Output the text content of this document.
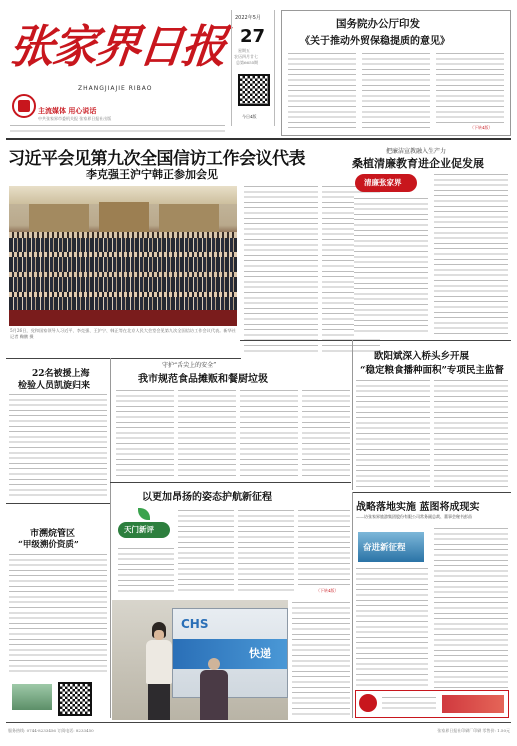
张家界日报
ZHANGJIAJIE RIBAO
主流媒体 用心说话
中共张家界市委机关报 张家界日报社出版
2022年5月
27
星期五
农历四月廿七
总第6655期
今日4版
国务院办公厅印发
《关于推动外贸保稳提质的意见》
（下转4版）
习近平会见第九次全国信访工作会议代表
李克强王沪宁韩正参加会见
5月26日，党和国家领导人习近平、李克强、王沪宁、韩正等在北京人民大会堂会见第九次全国信访工作会议代表。新华社记者 鞠鹏 摄
把廉洁宣教融入生产力
桑植清廉教育进企业促发展
清廉张家界
22名被援上海
检验人员凯旋归来
市溯烷管区
“甲级溯价资质”
守护“舌尖上的安全”
我市规范食品摊贩和餐厨垃圾
欧阳斌深入桥头乡开展
“稳定粮食播种面积”专项民主监督
以更加昂扬的姿态护航新征程
天门新评
（下转4版）
CHS
快递
战略落地实施 蓝图将成现实
——访张家界旅游集团股份有限公司常务副总裁、董事会秘书彭苗
奋进新征程
服务热线: 0744-8233456 订阅电话: 8233450	张家界日报社印刷厂印刷 零售价: 1.50元
